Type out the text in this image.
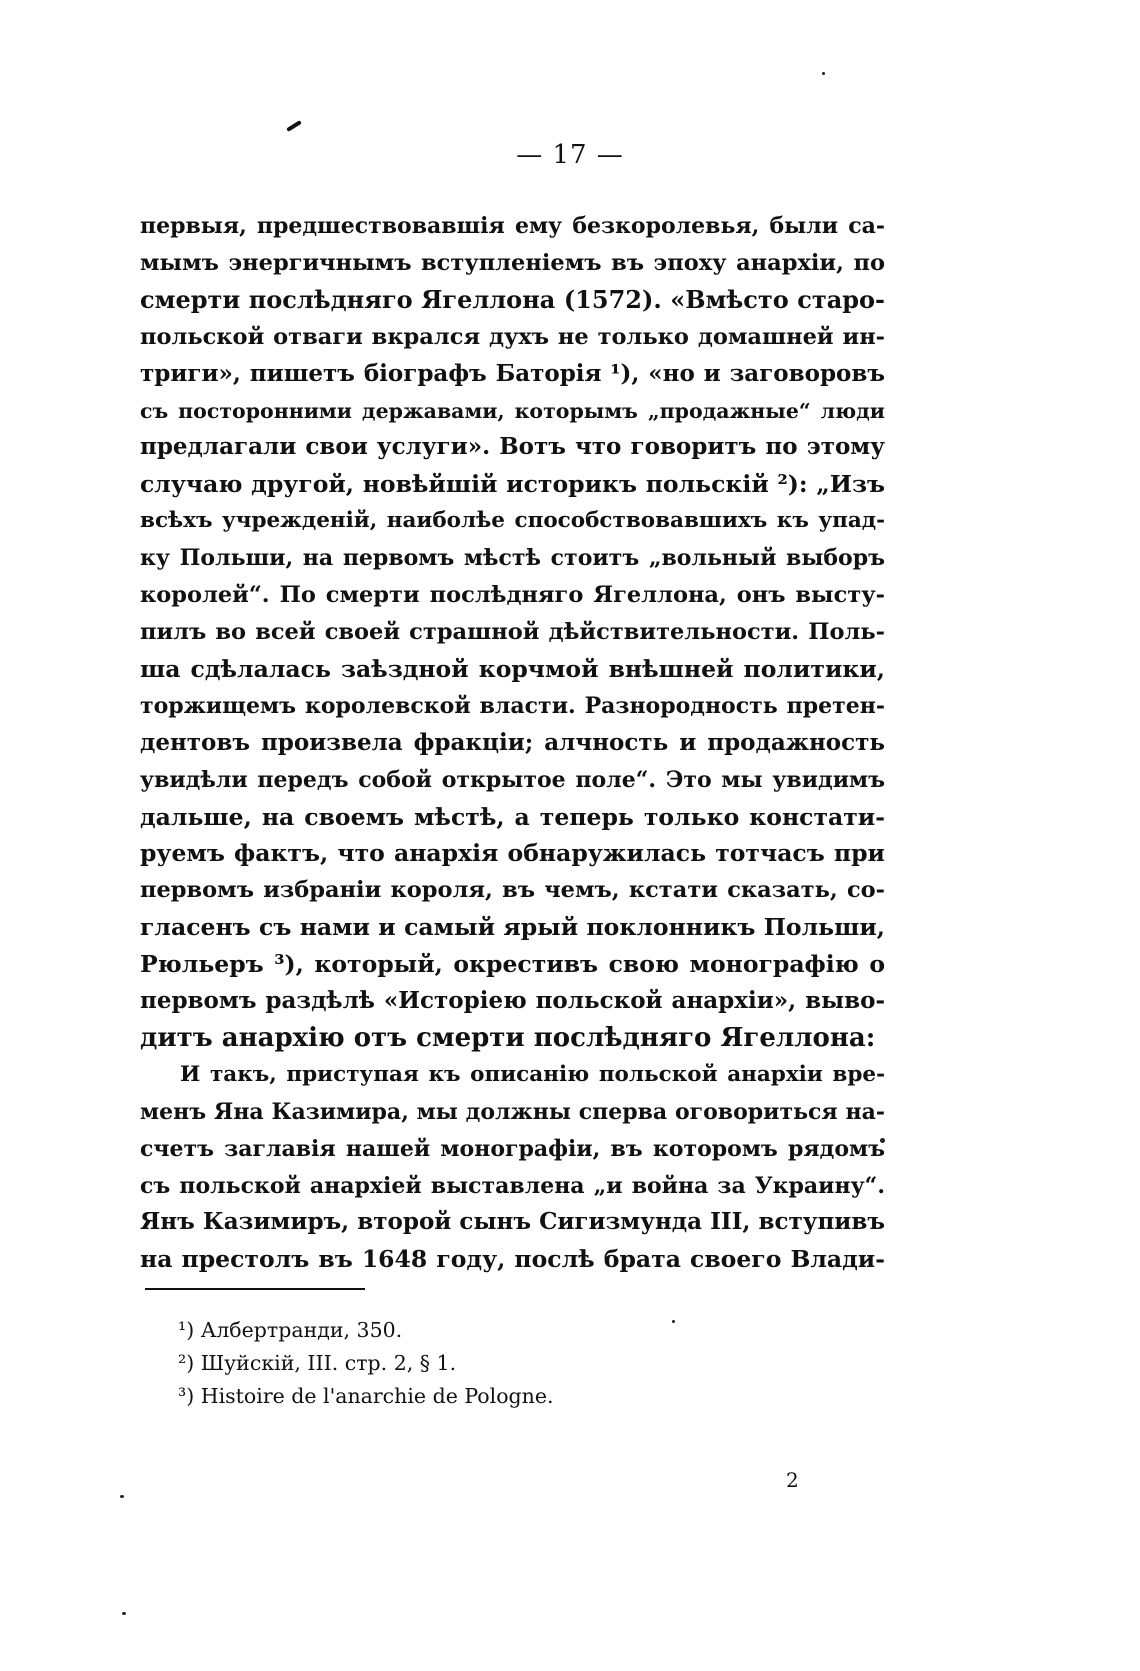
— 17 —
первыя, предшествовавшія ему безкоролевья, были са-
мымъ энергичнымъ вступленіемъ въ эпоху анархіи, по
смерти послѣдняго Ягеллона (1572). «Вмѣсто старо-
польской отваги вкрался духъ не только домашней ин-
триги», пишетъ біографъ Баторія ¹), «но и заговоровъ
съ посторонними державами, которымъ „продажные“ люди
предлагали свои услуги». Вотъ что говоритъ по этому
случаю другой, новѣйшій историкъ польскій ²): „Изъ
всѣхъ учрежденій, наиболѣе способствовавшихъ къ упад-
ку Польши, на первомъ мѣстѣ стоитъ „вольный выборъ
королей“. По смерти послѣдняго Ягеллона, онъ высту-
пилъ во всей своей страшной дѣйствительности. Поль-
ша сдѣлалась заѣздной корчмой внѣшней политики,
торжищемъ королевской власти. Разнородность претен-
дентовъ произвела фракціи; алчность и продажность
увидѣли передъ собой открытое поле“. Это мы увидимъ
дальше, на своемъ мѣстѣ, а теперь только констати-
руемъ фактъ, что анархія обнаружилась тотчасъ при
первомъ избраніи короля, въ чемъ, кстати сказать, со-
гласенъ съ нами и самый ярый поклонникъ Польши,
Рюльеръ ³), который, окрестивъ свою монографію о
первомъ раздѣлѣ «Исторіею польской анархіи», выво-
дитъ анархію отъ смерти послѣдняго Ягеллона:
И такъ, приступая къ описанію польской анархіи вре-
менъ Яна Казимира, мы должны сперва оговориться на-
счетъ заглавія нашей монографіи, въ которомъ рядомъ
съ польской анархіей выставлена „и война за Украину“.
Янъ Казимиръ, второй сынъ Сигизмунда III, вступивъ
на престолъ въ 1648 году, послѣ брата своего Влади-
¹) Албертранди, 350.
²) Шуйскій, III. стр. 2, § 1.
³) Histoire de l'anarchie de Pologne.
2
